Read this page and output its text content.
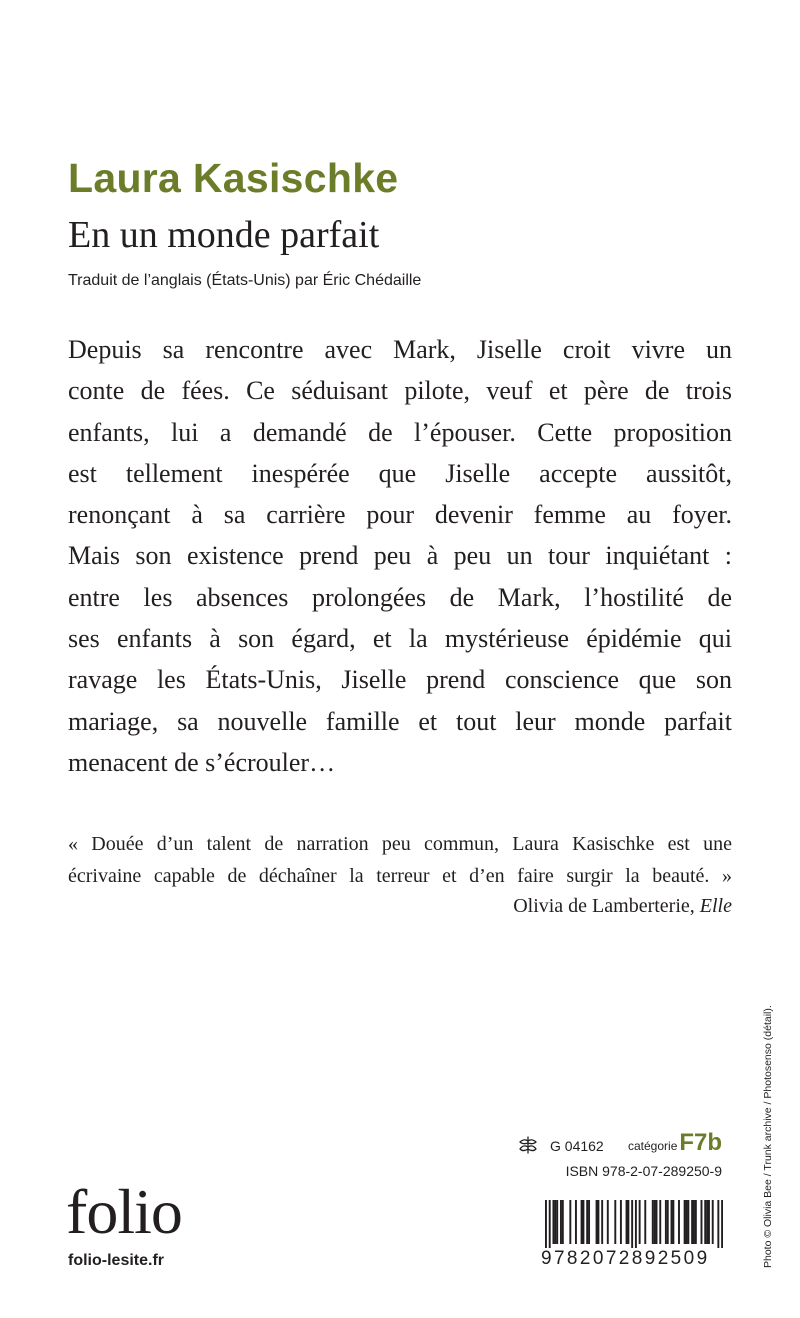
Laura Kasischke
En un monde parfait
Traduit de l’anglais (États-Unis) par Éric Chédaille

Depuis sa rencontre avec Mark, Jiselle croit vivre un
conte de fées. Ce séduisant pilote, veuf et père de trois
enfants, lui a demandé de l’épouser. Cette proposition
est tellement inespérée que Jiselle accepte aussitôt,
renonçant à sa carrière pour devenir femme au foyer.
Mais son existence prend peu à peu un tour inquiétant :
entre les absences prolongées de Mark, l’hostilité de
ses enfants à son égard, et la mystérieuse épidémie qui
ravage les États-Unis, Jiselle prend conscience que son
mariage, sa nouvelle famille et tout leur monde parfait
menacent de s’écrouler…

« Douée d’un talent de narration peu commun, Laura Kasischke est une
écrivaine capable de déchaîner la terreur et d’en faire surgir la beauté. »

Olivia de Lamberterie, Elle
Photo © Olivia Bee / Trunk archive / Photosenso (détail).
G 04162 catégorie F7b
ISBN 978-2-07-289250-9
9782072892509
folio
folio-lesite.fr
